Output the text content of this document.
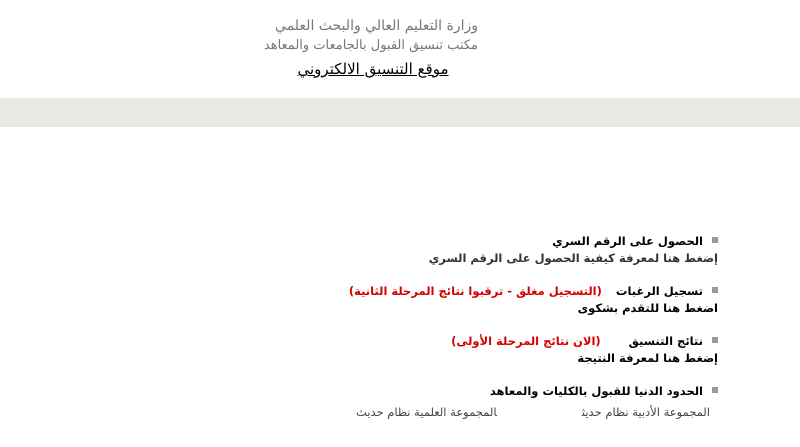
وزارة التعليم العالي والبحث العلمي
مكتب تنسيق القبول بالجامعات والمعاهد
موقع التنسيق الالكتروني
الحصول على الرقم السري
إضغط هنا لمعرفة كيفية الحصول على الرقم السري
تسجيل الرغبات(التسجيل مغلق - ترقبوا نتائج المرحلة الثانية)
اضغط هنا للتقدم بشكوى
نتائج التنسيق(الان نتائج المرحلة الأولى)
إضغط هنا لمعرفة النتيجة
الحدود الدنيا للقبول بالكليات والمعاهد
المجموعة الأدبية نظام حديثالمجموعة العلمية نظام حديث
